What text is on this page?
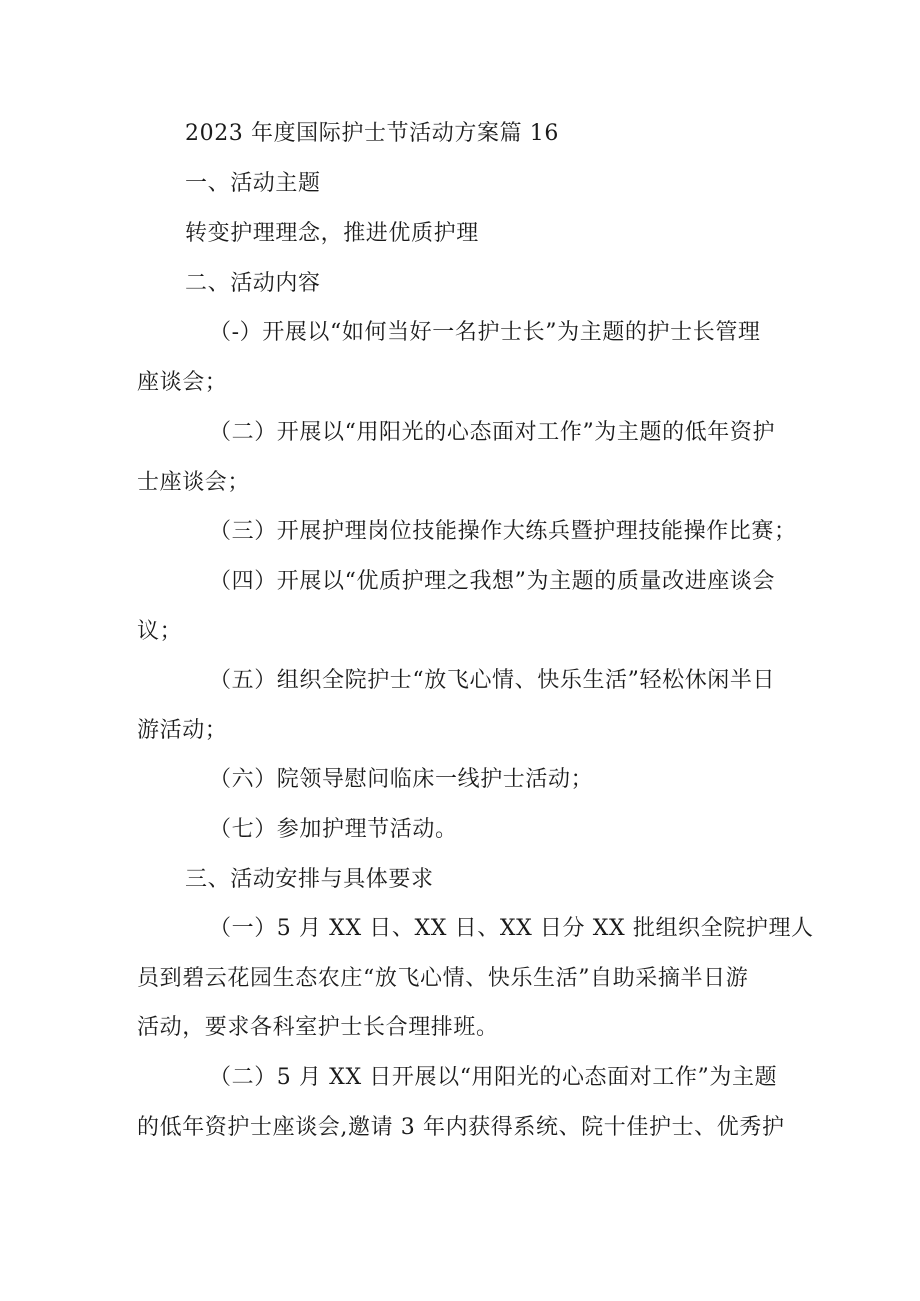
2023 年度国际护士节活动方案篇 16
一、活动主题
转变护理理念，推进优质护理
二、活动内容
（-）开展以“如何当好一名护士长”为主题的护士长管理
座谈会；
（二）开展以“用阳光的心态面对工作”为主题的低年资护
士座谈会；
（三）开展护理岗位技能操作大练兵暨护理技能操作比赛；
（四）开展以“优质护理之我想”为主题的质量改进座谈会
议；
（五）组织全院护士“放飞心情、快乐生活”轻松休闲半日
游活动；
（六）院领导慰问临床一线护士活动；
（七）参加护理节活动。
三、活动安排与具体要求
（一）5 月 XX 日、XX 日、XX 日分 XX 批组织全院护理人
员到碧云花园生态农庄“放飞心情、快乐生活”自助采摘半日游
活动，要求各科室护士长合理排班。
（二）5 月 XX 日开展以“用阳光的心态面对工作”为主题
的低年资护士座谈会,邀请 3 年内获得系统、院十佳护士、优秀护
